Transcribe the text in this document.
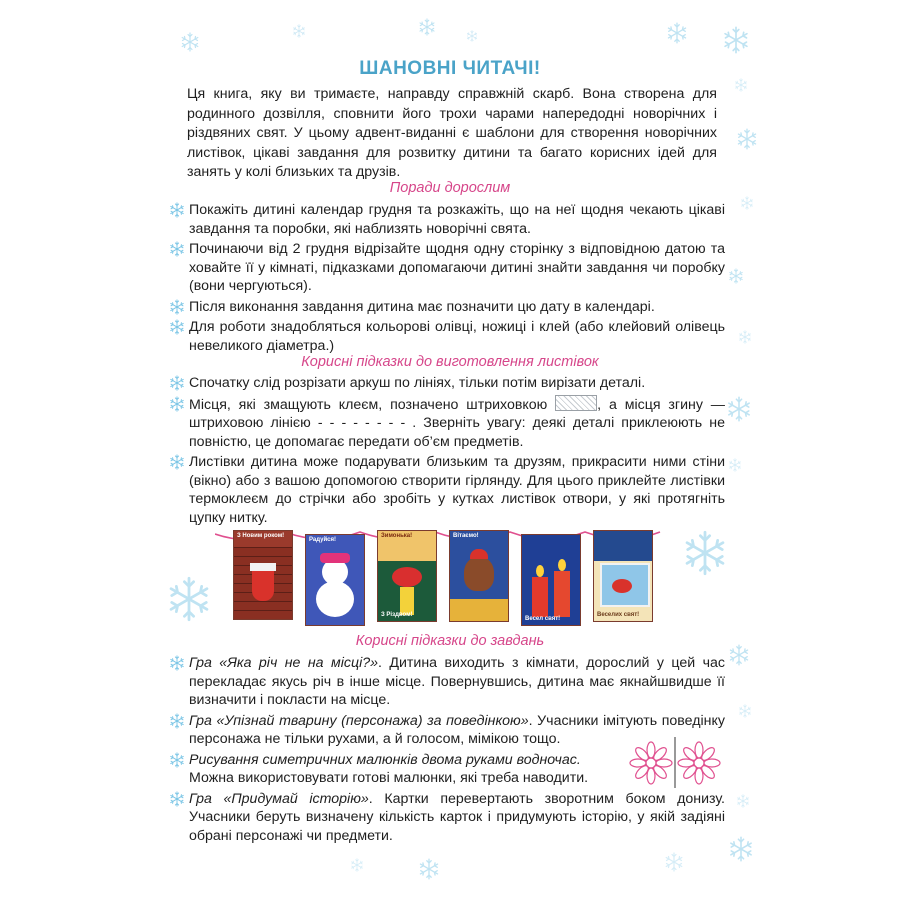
ШАНОВНІ ЧИТАЧІ!
Ця книга, яку ви тримаєте, направду справжній скарб. Вона створена для родинного дозвілля, сповнити його трохи чарами напередодні новорічних і різдвяних свят. У цьому адвент-виданні є шаблони для створення новорічних листівок, цікаві завдання для розвитку дитини та багато корисних ідей для занять у колі близьких та друзів.
Поради дорослим
Покажіть дитині календар грудня та розкажіть, що на неї щодня чекають цікаві завдання та поробки, які наблизять новорічні свята.
Починаючи від 2 грудня відрізайте щодня одну сторінку з відповідною датою та ховайте її у кімнаті, підказками допомагаючи дитині знайти завдання чи поробку (вони чергуються).
Після виконання завдання дитина має позначити цю дату в календарі.
Для роботи знадобляться кольорові олівці, ножиці і клей (або клейовий олівець невеликого діаметра.)
Корисні підказки до виготовлення листівок
Спочатку слід розрізати аркуш по лініях, тільки потім вирізати деталі.
Місця, які змащують клеєм, позначено штриховкою	, а місця згину — штриховою лінією - - - - - - - - . Зверніть увагу: деякі деталі приклеюють не повністю, це допомагає передати об’єм предметів.
Листівки дитина може подарувати близьким та друзям, прикрасити ними стіни (вікно) або з вашою допомогою створити гірлянду. Для цього приклейте листівки термоклеєм до стрічки або зробіть у кутках листівок отвори, у які протягніть цупку нитку.
З Новим роком!
Радуйся!
Зимонька!
З Різдвом!
Вітаємо!
Весел свят!
Веселих свят!
Корисні підказки до завдань
Гра «Яка річ не на місці?». Дитина виходить з кімнати, дорослий у цей час перекладає якусь річ в інше місце. Повернувшись, дитина має якнайшвидше її визначити і покласти на місце.
Гра «Упізнай тварину (персонажа) за поведінкою». Учасники імітують поведінку персонажа не тільки рухами, а й голосом, мімікою тощо.
Рисування симетричних малюнків двома руками водночас.
Можна використовувати готові малюнки, які треба наводити.
Гра «Придумай історію». Картки перевертають зворотним боком донизу. Учасники беруть визначену кількість карток і придумують історію, у якій задіяні обрані персонажі чи предмети.
